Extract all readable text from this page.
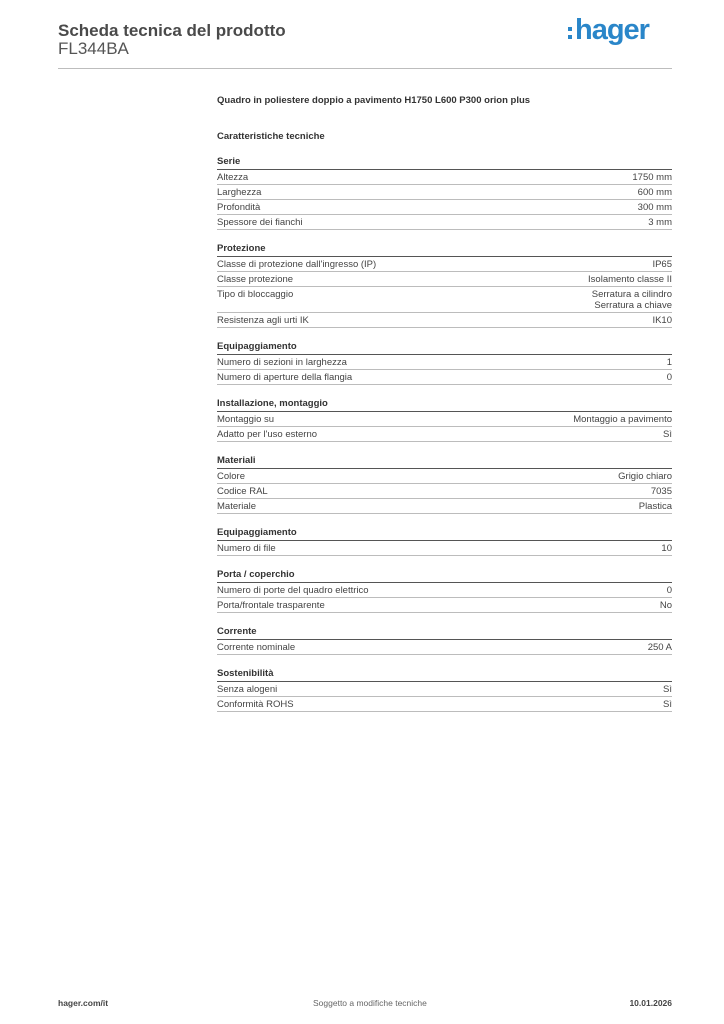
Scheda tecnica del prodotto
FL344BA
hager
Quadro in poliestere doppio a pavimento H1750 L600 P300 orion plus
Caratteristiche tecniche
Serie
Altezza	1750 mm
Larghezza	600 mm
Profondità	300 mm
Spessore dei fianchi	3 mm
Protezione
Classe di protezione dall'ingresso (IP)	IP65
Classe protezione	Isolamento classe II
Tipo di bloccaggio	Serratura a cilindro
Serratura a chiave
Resistenza agli urti IK	IK10
Equipaggiamento
Numero di sezioni in larghezza	1
Numero di aperture della flangia	0
Installazione, montaggio
Montaggio su	Montaggio a pavimento
Adatto per l'uso esterno	Sì
Materiali
Colore	Grigio chiaro
Codice RAL	7035
Materiale	Plastica
Equipaggiamento
Numero di file	10
Porta / coperchio
Numero di porte del quadro elettrico	0
Porta/frontale trasparente	No
Corrente
Corrente nominale	250 A
Sostenibilità
Senza alogeni	Sì
Conformità ROHS	Sì
hager.com/it	Soggetto a modifiche tecniche	10.01.2026
